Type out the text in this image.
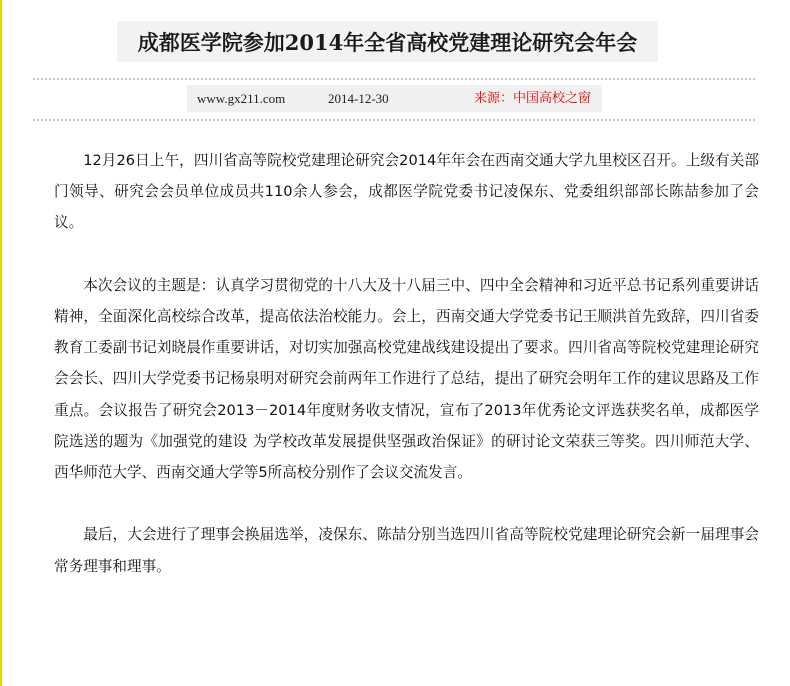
成都医学院参加2014年全省高校党建理论研究会年会
www.gx211.com	2014-12-30	来源：中国高校之窗

12月26日上午，四川省高等院校党建理论研究会2014年年会在西南交通大学九里校区召开。上级有关部门领导、研究会会员单位成员共110余人参会，成都医学院党委书记凌保东、党委组织部部长陈喆参加了会议。

本次会议的主题是：认真学习贯彻党的十八大及十八届三中、四中全会精神和习近平总书记系列重要讲话精神，全面深化高校综合改革，提高依法治校能力。会上，西南交通大学党委书记王顺洪首先致辞，四川省委教育工委副书记刘晓晨作重要讲话，对切实加强高校党建战线建设提出了要求。四川省高等院校党建理论研究会会长、四川大学党委书记杨泉明对研究会前两年工作进行了总结，提出了研究会明年工作的建议思路及工作重点。会议报告了研究会2013－2014年度财务收支情况，宣布了2013年优秀论文评选获奖名单，成都医学院选送的题为《加强党的建设 为学校改革发展提供坚强政治保证》的研讨论文荣获三等奖。四川师范大学、西华师范大学、西南交通大学等5所高校分别作了会议交流发言。

最后，大会进行了理事会换届选举，凌保东、陈喆分别当选四川省高等院校党建理论研究会新一届理事会常务理事和理事。
